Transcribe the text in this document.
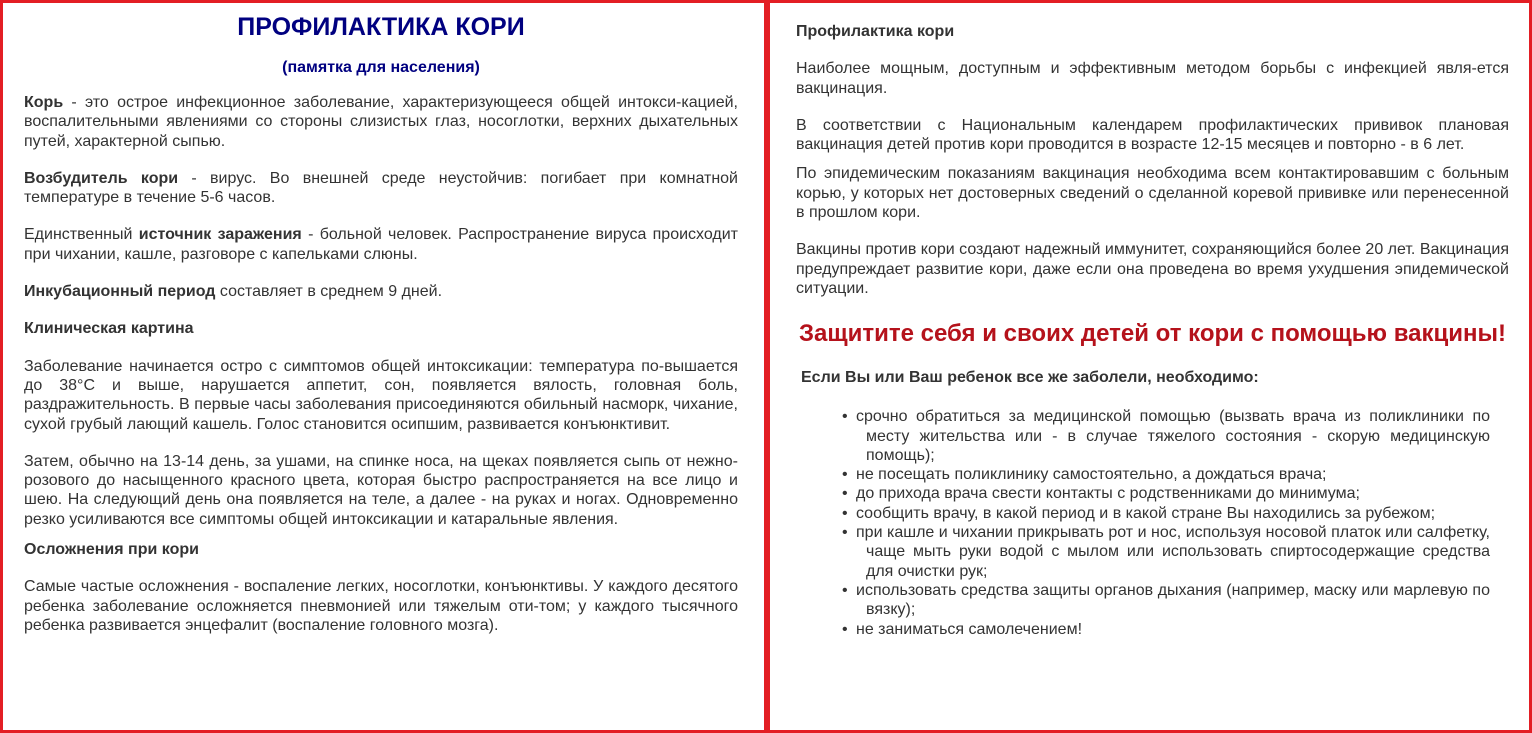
ПРОФИЛАКТИКА КОРИ
(памятка для населения)

Корь - это острое инфекционное заболевание, характеризующееся общей интокси-кацией, воспалительными явлениями со стороны слизистых глаз, носоглотки, верхних дыхательных путей, характерной сыпью.

Возбудитель кори - вирус. Во внешней среде неустойчив: погибает при комнатной температуре в течение 5-6 часов.

Единственный источник заражения - больной человек. Распространение вируса происходит при чихании, кашле, разговоре с капельками слюны.

Инкубационный период составляет в среднем 9 дней.

Клиническая картина

Заболевание начинается остро с симптомов общей интоксикации: температура по-вышается до 38°С и выше, нарушается аппетит, сон, появляется вялость, головная боль, раздражительность. В первые часы заболевания присоединяются обильный насморк, чихание, сухой грубый лающий кашель. Голос становится осипшим, развивается конъюнктивит.

Затем, обычно на 13-14 день, за ушами, на спинке носа, на щеках появляется сыпь от нежно-розового до насыщенного красного цвета, которая быстро распространяется на все лицо и шею. На следующий день она появляется на теле, а далее - на руках и ногах. Одновременно резко усиливаются все симптомы общей интоксикации и катаральные явления.

Осложнения при кори

Самые частые осложнения - воспаление легких, носоглотки, конъюнктивы. У каждого десятого ребенка заболевание осложняется пневмонией или тяжелым оти-том; у каждого тысячного ребенка развивается энцефалит (воспаление головного мозга).

Профилактика кори

Наиболее мощным, доступным и эффективным методом борьбы с инфекцией явля-ется вакцинация.

В соответствии с Национальным календарем профилактических прививок плановая вакцинация детей против кори проводится в возрасте 12-15 месяцев и повторно - в 6 лет.

По эпидемическим показаниям вакцинация необходима всем контактировавшим с больным корью, у которых нет достоверных сведений о сделанной коревой прививке или перенесенной в прошлом кори.

Вакцины против кори создают надежный иммунитет, сохраняющийся более 20 лет. Вакцинация предупреждает развитие кори, даже если она проведена во время ухудшения эпидемической ситуации.

Защитите себя и своих детей от кори с помощью вакцины!
Если Вы или Ваш ребенок все же заболели, необходимо:
• срочно обратиться за медицинской помощью (вызвать врача из поликлиники по месту жительства или - в случае тяжелого состояния - скорую медицинскую помощь);
• не посещать поликлинику самостоятельно, а дождаться врача;
• до прихода врача свести контакты с родственниками до минимума;
• сообщить врачу, в какой период и в какой стране Вы находились за рубежом;
• при кашле и чихании прикрывать рот и нос, используя носовой платок или салфетку, чаще мыть руки водой с мылом или использовать спиртосодержащие средства для очистки рук;
• использовать средства защиты органов дыхания (например, маску или марлевую по вязку);
• не заниматься самолечением!
